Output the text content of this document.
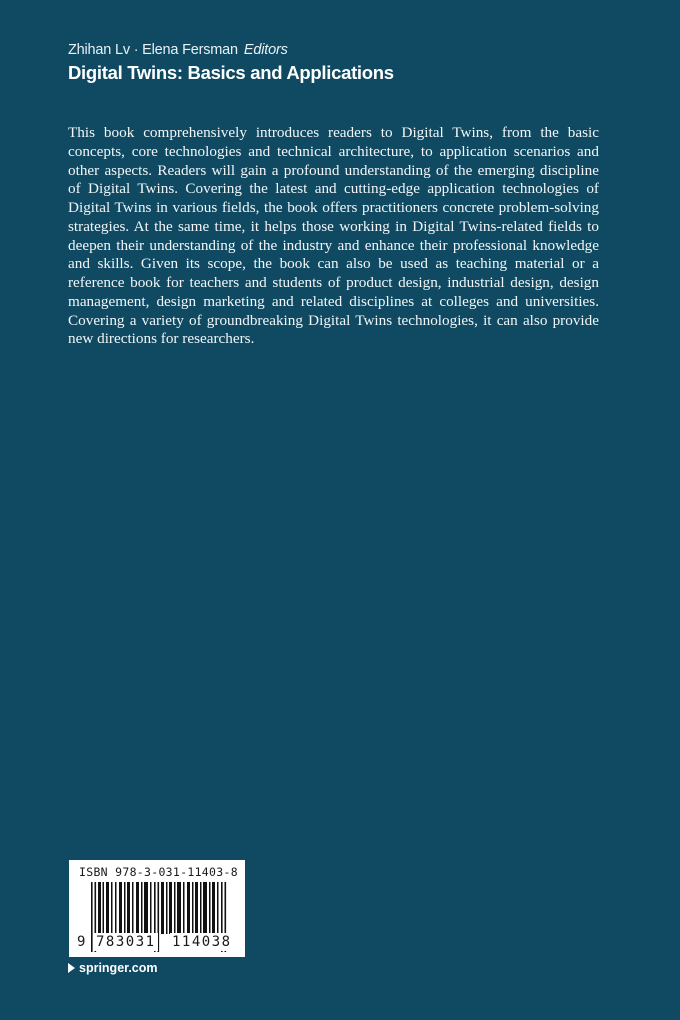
Zhihan Lv · Elena Fersman Editors
Digital Twins: Basics and Applications
This book comprehensively introduces readers to Digital Twins, from the basic concepts, core technologies and technical architecture, to application scenarios and other aspects. Readers will gain a profound understanding of the emerging discipline of Digital Twins. Covering the latest and cutting-edge application technologies of Digital Twins in various fields, the book offers practitioners concrete problem-solving strategies. At the same time, it helps those working in Digital Twins-related fields to deepen their understanding of the industry and enhance their professional knowledge and skills. Given its scope, the book can also be used as teaching material or a reference book for teachers and students of product design, industrial design, design management, design marketing and related disciplines at colleges and universities. Covering a variety of groundbreaking Digital Twins technologies, it can also provide new directions for researchers.
ISBN 978-3-031-11403-8
9 783031 114038
springer.com
